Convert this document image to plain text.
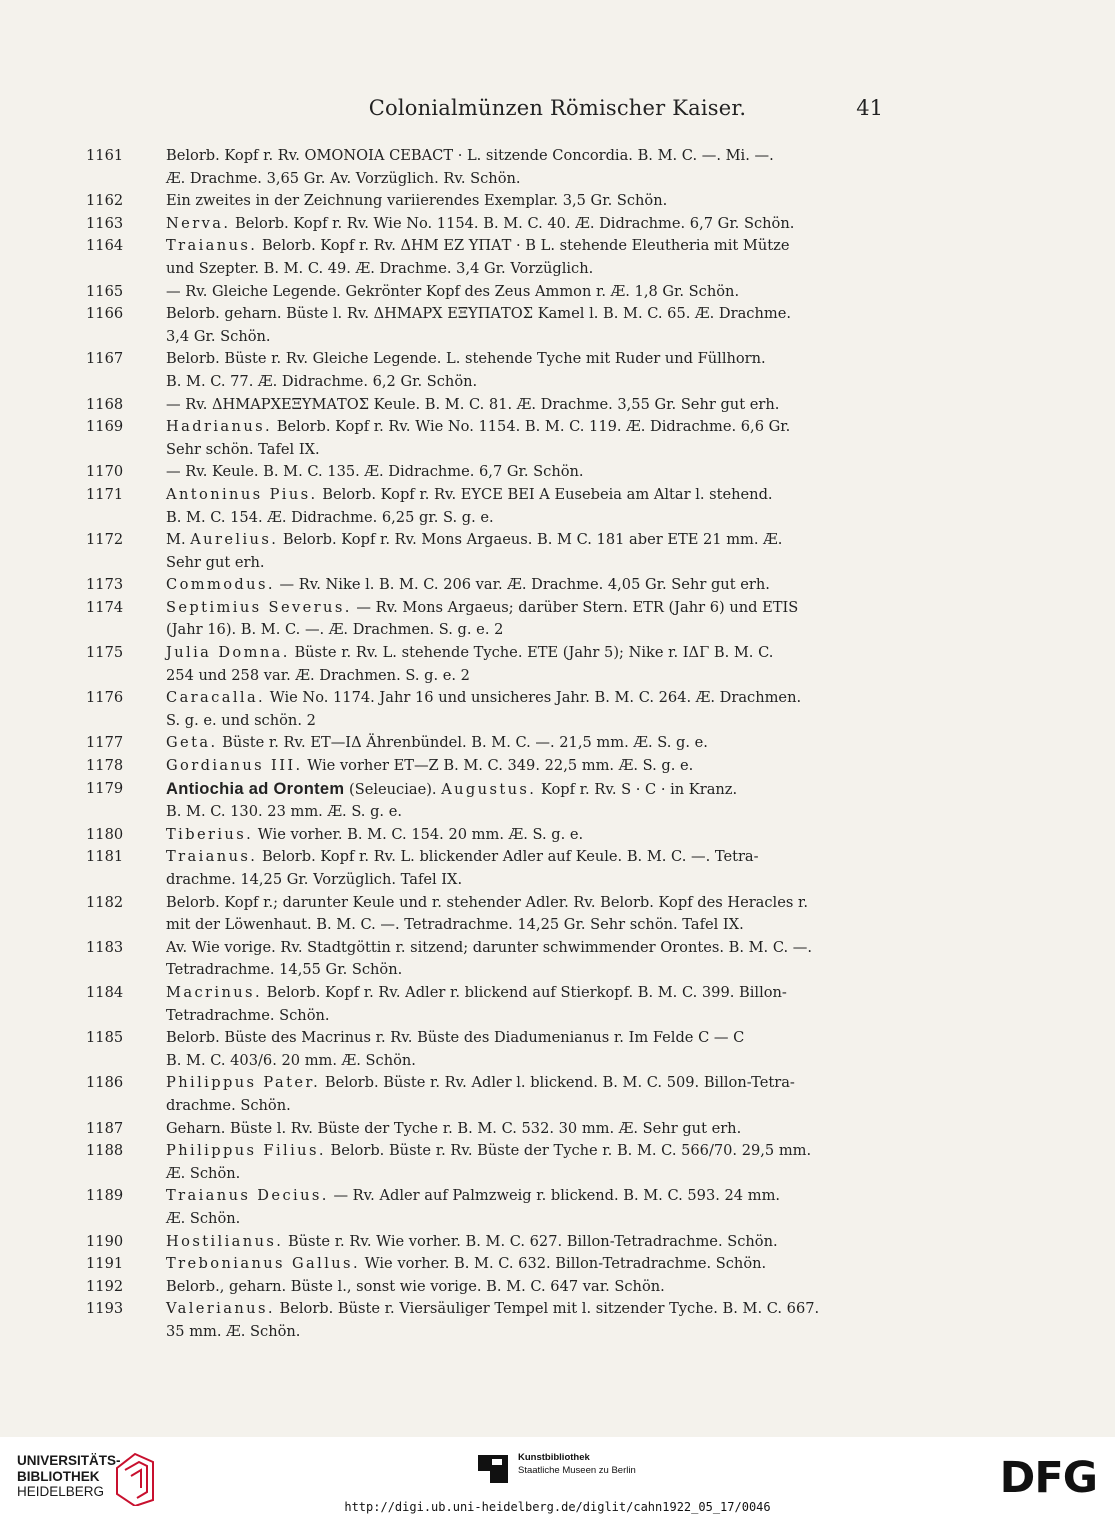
Colonialmünzen Römischer Kaiser.	41
1161	Belorb. Kopf r. Rv. OMONOIA CEBACT · L. sitzende Concordia. B. M. C. —. Mi. —.
Æ. Drachme. 3,65 Gr. Av. Vorzüglich. Rv. Schön.
1162	Ein zweites in der Zeichnung variierendes Exemplar. 3,5 Gr. Schön.
1163	Nerva. Belorb. Kopf r. Rv. Wie No. 1154. B. M. C. 40. Æ. Didrachme. 6,7 Gr. Schön.
1164	Traianus. Belorb. Kopf r. Rv. ΔΗΜ ΕΖ ΥΠΑΤ · Β L. stehende Eleutheria mit Mütze
und Szepter. B. M. C. 49. Æ. Drachme. 3,4 Gr. Vorzüglich.
1165	— Rv. Gleiche Legende. Gekrönter Kopf des Zeus Ammon r. Æ. 1,8 Gr. Schön.
1166	Belorb. geharn. Büste l. Rv. ΔΗΜΑΡΧ ΕΞΥΠΑΤΟΣ Kamel l. B. M. C. 65. Æ. Drachme.
3,4 Gr. Schön.
1167	Belorb. Büste r. Rv. Gleiche Legende. L. stehende Tyche mit Ruder und Füllhorn.
B. M. C. 77. Æ. Didrachme. 6,2 Gr. Schön.
1168	— Rv. ΔΗΜΑΡΧΕΞΥΜΑΤΟΣ Keule. B. M. C. 81. Æ. Drachme. 3,55 Gr. Sehr gut erh.
1169	Hadrianus. Belorb. Kopf r. Rv. Wie No. 1154. B. M. C. 119. Æ. Didrachme. 6,6 Gr.
Sehr schön. Tafel IX.
1170	— Rv. Keule. B. M. C. 135. Æ. Didrachme. 6,7 Gr. Schön.
1171	Antoninus Pius. Belorb. Kopf r. Rv. ΕΥCΕ ΒΕΙ Α Eusebeia am Altar l. stehend.
B. M. C. 154. Æ. Didrachme. 6,25 gr. S. g. e.
1172	M. Aurelius. Belorb. Kopf r. Rv. Mons Argaeus. B. M C. 181 aber ΕΤΕ 21 mm. Æ.
Sehr gut erh.
1173	Commodus. — Rv. Nike l. B. M. C. 206 var. Æ. Drachme. 4,05 Gr. Sehr gut erh.
1174	Septimius Severus. — Rv. Mons Argaeus; darüber Stern. ΕΤR (Jahr 6) und ΕΤΙS
(Jahr 16). B. M. C. —. Æ. Drachmen. S. g. e. 2
1175	Julia Domna. Büste r. Rv. L. stehende Tyche. ΕΤΕ (Jahr 5); Nike r. ΙΔΓ B. M. C.
254 und 258 var. Æ. Drachmen. S. g. e. 2
1176	Caracalla. Wie No. 1174. Jahr 16 und unsicheres Jahr. B. M. C. 264. Æ. Drachmen.
S. g. e. und schön. 2
1177	Geta. Büste r. Rv. ΕΤ—ΙΔ Ährenbündel. B. M. C. —. 21,5 mm. Æ. S. g. e.
1178	Gordianus III. Wie vorher ΕΤ—Ζ B. M. C. 349. 22,5 mm. Æ. S. g. e.
1179	Antiochia ad Orontem (Seleuciae). Augustus. Kopf r. Rv. S · C · in Kranz.
B. M. C. 130. 23 mm. Æ. S. g. e.
1180	Tiberius. Wie vorher. B. M. C. 154. 20 mm. Æ. S. g. e.
1181	Traianus. Belorb. Kopf r. Rv. L. blickender Adler auf Keule. B. M. C. —. Tetra-
drachme. 14,25 Gr. Vorzüglich. Tafel IX.
1182	Belorb. Kopf r.; darunter Keule und r. stehender Adler. Rv. Belorb. Kopf des Heracles r.
mit der Löwenhaut. B. M. C. —. Tetradrachme. 14,25 Gr. Sehr schön. Tafel IX.
1183	Av. Wie vorige. Rv. Stadtgöttin r. sitzend; darunter schwimmender Orontes. B. M. C. —.
Tetradrachme. 14,55 Gr. Schön.
1184	Macrinus. Belorb. Kopf r. Rv. Adler r. blickend auf Stierkopf. B. M. C. 399. Billon-
Tetradrachme. Schön.
1185	Belorb. Büste des Macrinus r. Rv. Büste des Diadumenianus r. Im Felde C — C
B. M. C. 403/6. 20 mm. Æ. Schön.
1186	Philippus Pater. Belorb. Büste r. Rv. Adler l. blickend. B. M. C. 509. Billon-Tetra-
drachme. Schön.
1187	Geharn. Büste l. Rv. Büste der Tyche r. B. M. C. 532. 30 mm. Æ. Sehr gut erh.
1188	Philippus Filius. Belorb. Büste r. Rv. Büste der Tyche r. B. M. C. 566/70. 29,5 mm.
Æ. Schön.
1189	Traianus Decius. — Rv. Adler auf Palmzweig r. blickend. B. M. C. 593. 24 mm.
Æ. Schön.
1190	Hostilianus. Büste r. Rv. Wie vorher. B. M. C. 627. Billon-Tetradrachme. Schön.
1191	Trebonianus Gallus. Wie vorher. B. M. C. 632. Billon-Tetradrachme. Schön.
1192	Belorb., geharn. Büste l., sonst wie vorige. B. M. C. 647 var. Schön.
1193	Valerianus. Belorb. Büste r. Viersäuliger Tempel mit l. sitzender Tyche. B. M. C. 667.
35 mm. Æ. Schön.
UNIVERSITÄTS-
BIBLIOTHEK
HEIDELBERG
Kunstbibliothek
Staatliche Museen zu Berlin	DFG
http://digi.ub.uni-heidelberg.de/diglit/cahn1922_05_17/0046
